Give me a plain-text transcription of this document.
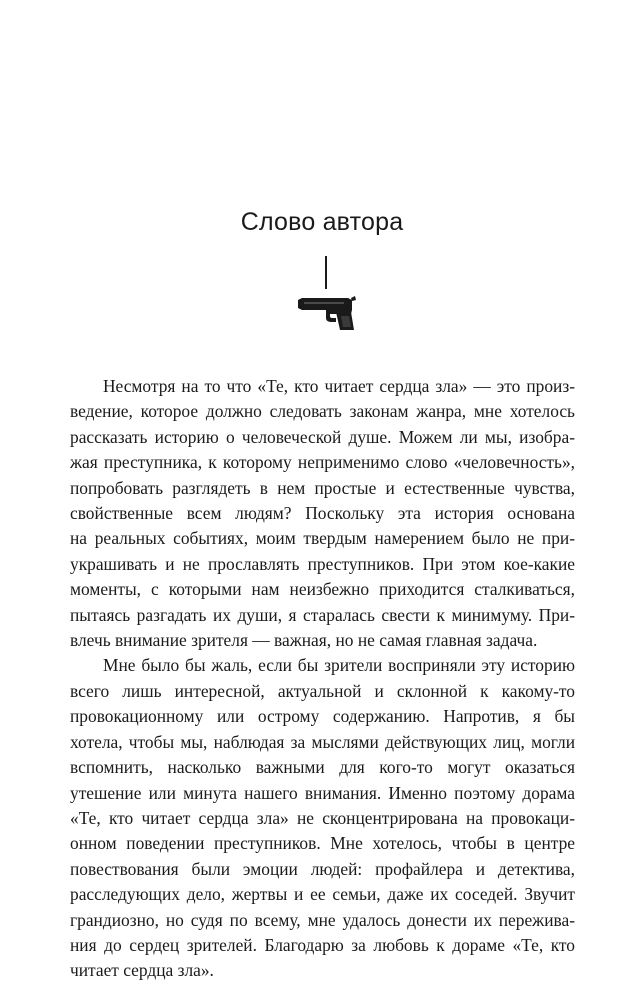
Слово автора
Несмотря на то что «Те, кто читает сердца зла» — это произ-
ведение, которое должно следовать законам жанра, мне хотелось
рассказать историю о человеческой душе. Можем ли мы, изобра-
жая преступника, к которому неприменимо слово «человечность»,
попробовать разглядеть в нем простые и естественные чувства,
свойственные всем людям? Поскольку эта история основана
на реальных событиях, моим твердым намерением было не при-
украшивать и не прославлять преступников. При этом кое-какие
моменты, с которыми нам неизбежно приходится сталкиваться,
пытаясь разгадать их души, я старалась свести к минимуму. При-
влечь внимание зрителя — важная, но не самая главная задача.
Мне было бы жаль, если бы зрители восприняли эту историю
всего лишь интересной, актуальной и склонной к какому-то
провокационному или острому содержанию. Напротив, я бы
хотела, чтобы мы, наблюдая за мыслями действующих лиц, могли
вспомнить, насколько важными для кого-то могут оказаться
утешение или минута нашего внимания. Именно поэтому дорама
«Те, кто читает сердца зла» не сконцентрирована на провокаци-
онном поведении преступников. Мне хотелось, чтобы в центре
повествования были эмоции людей: профайлера и детектива,
расследующих дело, жертвы и ее семьи, даже их соседей. Звучит
грандиозно, но судя по всему, мне удалось донести их пережива-
ния до сердец зрителей. Благодарю за любовь к дораме «Те, кто
читает сердца зла».
